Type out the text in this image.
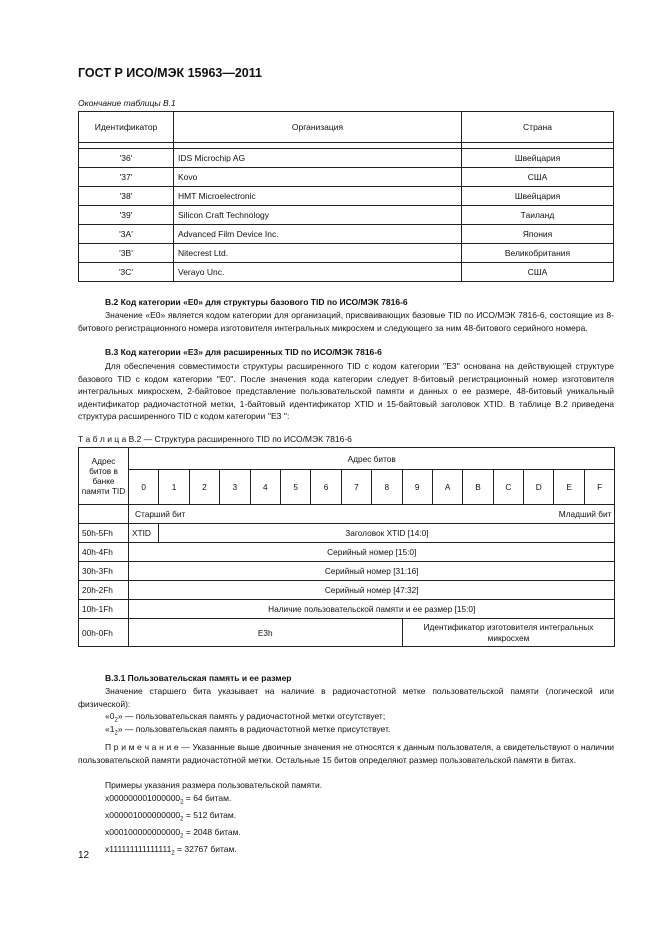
ГОСТ Р ИСО/МЭК 15963—2011
Окончание таблицы В.1
Идентификатор	Организация	Страна

'36'	IDS Microchip AG	Швейцария
'37'	Kovo	США
'38'	HMT Microelectronic	Швейцария
'39'	Silicon Craft Technology	Таиланд
'3A'	Advanced Film Device Inc.	Япония
'3B'	Nitecrest Ltd.	Великобритания
'3C'	Verayo Unc.	США
В.2 Код категории «Е0» для структуры базового TID по ИСО/МЭК 7816-6
Значение «Е0» является кодом категории для организаций, присваивающих базовые TID по ИСО/МЭК 7816-6, состоящие из 8-битового регистрационного номера изготовителя интегральных микросхем и следующего за ним 48-битового серийного номера.
В.3 Код категории «Е3» для расширенных TID по ИСО/МЭК 7816-6
Для обеспечения совместимости структуры расширенного TID с кодом категории ''E3'' основана на действующей структуре базового TID с кодом категории ''E0''. После значения кода категории следует 8-битовый регистрационный номер изготовителя интегральных микросхем, 2-байтовое представление пользовательской памяти и данных о ее размере, 48-битовый уникальный идентификатор радиочастотной метки, 1-байтовый идентификатор XTID и 15-байтовый заголовок XTID. В таблице В.2 приведена структура расширенного TID с кодом категории ''E3 '':
Т а б л и ц а В.2 — Структура расширенного TID по ИСО/МЭК 7816-6
Адрес битов в банке памяти TID	Адрес битов															
	0	1	2	3	4	5	6	7	8	9	A	B	C	D	E	F
	Старший бит Младший бит															

50h-5Fh	XTID	Заголовок XTID [14:0]														
40h-4Fh	Серийный номер [15:0]															
30h-3Fh	Серийный номер [31:16]															
20h-2Fh	Серийный номер [47:32]															
10h-1Fh	Наличие пользовательской памяти и ее размер [15:0]															
00h-0Fh	E3h									Идентификатор изготовителя интегральных микросхем						
В.3.1 Пользовательская память и ее размер
Значение старшего бита указывает на наличие в радиочастотной метке пользовательской памяти (логической или физической):
«$0_2$» — пользовательская память у радиочастотной метки отсутствует;
«$1_2$» — пользовательская память в радиочастотной метке присутствует.
П р и м е ч а н и е — Указанные выше двоичные значения не относятся к данным пользователя, а свидетельствуют о наличии пользовательской памяти радиочастотной метки. Остальные 15 битов определяют размер пользовательской памяти в битах.
Примеры указания размера пользовательской памяти.
$x000000001000000_2 = 64$ битам.
$x000001000000000_2 = 512$ битам.
$x000100000000000_2 = 2048$ битам.
$x111111111111111_2 = 32767$ битам.
12
